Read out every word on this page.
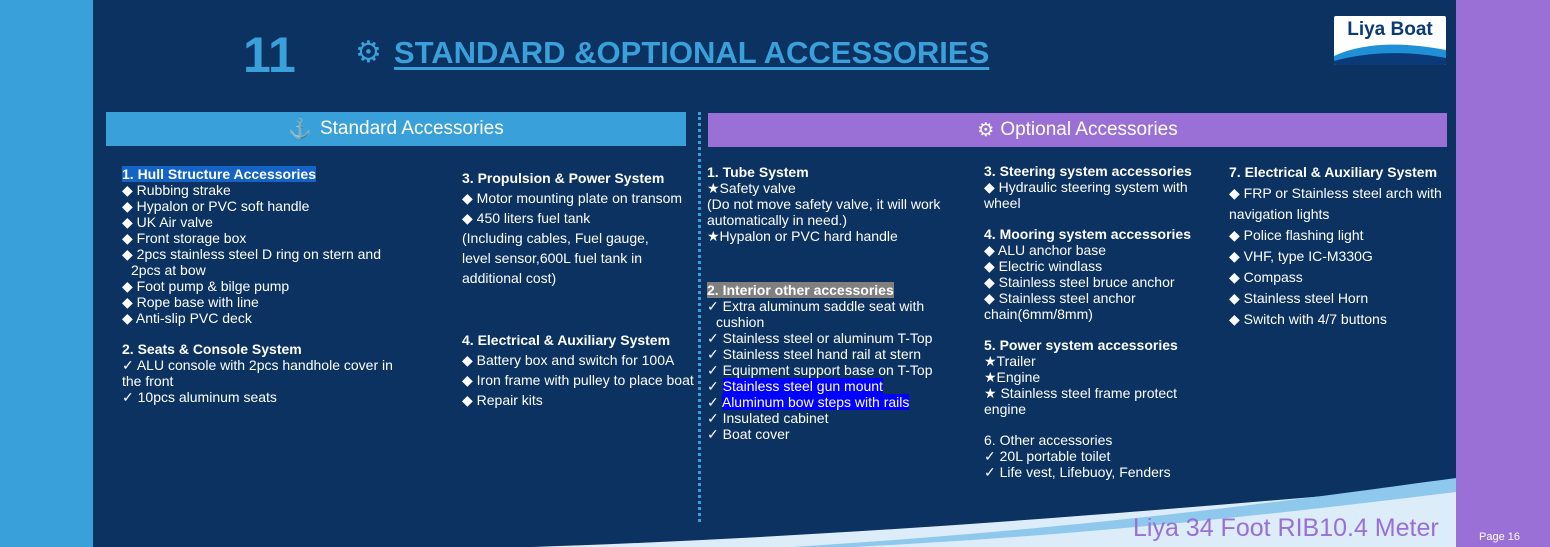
11 ⚙ STANDARD &OPTIONAL ACCESSORIES
Liya Boat
⚓ Standard Accessories	⚙ Optional Accessories
1. Hull Structure Accessories
◆ Rubbing strake
◆ Hypalon or PVC soft handle
◆ UK Air valve
◆ Front storage box
◆ 2pcs stainless steel D ring on stern and
2pcs at bow
◆ Foot pump & bilge pump
◆ Rope base with line
◆ Anti-slip PVC deck
2. Seats & Console System
✓ ALU console with 2pcs handhole cover in
the front
✓ 10pcs aluminum seats
3. Propulsion & Power System
◆ Motor mounting plate on transom
◆ 450 liters fuel tank
(Including cables, Fuel gauge,
level sensor,600L fuel tank in
additional cost)
4. Electrical & Auxiliary System
◆ Battery box and switch for 100A
◆ Iron frame with pulley to place boat
◆ Repair kits
1. Tube System
★Safety valve
(Do not move safety valve, it will work
automatically in need.)
★Hypalon or PVC hard handle
2. Interior other accessories
✓ Extra aluminum saddle seat with
cushion
✓ Stainless steel or aluminum T-Top
✓ Stainless steel hand rail at stern
✓ Equipment support base on T-Top
✓ Stainless steel gun mount
✓ Aluminum bow steps with rails
✓ Insulated cabinet
✓ Boat cover
3. Steering system accessories
◆ Hydraulic steering system with
wheel
4. Mooring system accessories
◆ ALU anchor base
◆ Electric windlass
◆ Stainless steel bruce anchor
◆ Stainless steel anchor
chain(6mm/8mm)
5. Power system accessories
★Trailer
★Engine
★ Stainless steel frame protect
engine
6. Other accessories
✓ 20L portable toilet
✓ Life vest, Lifebuoy, Fenders
7. Electrical & Auxiliary System
◆ FRP or Stainless steel arch with
navigation lights
◆ Police flashing light
◆ VHF, type IC-M330G
◆ Compass
◆ Stainless steel Horn
◆ Switch with 4/7 buttons
Liya 34 Foot RIB10.4 Meter	Page 16
